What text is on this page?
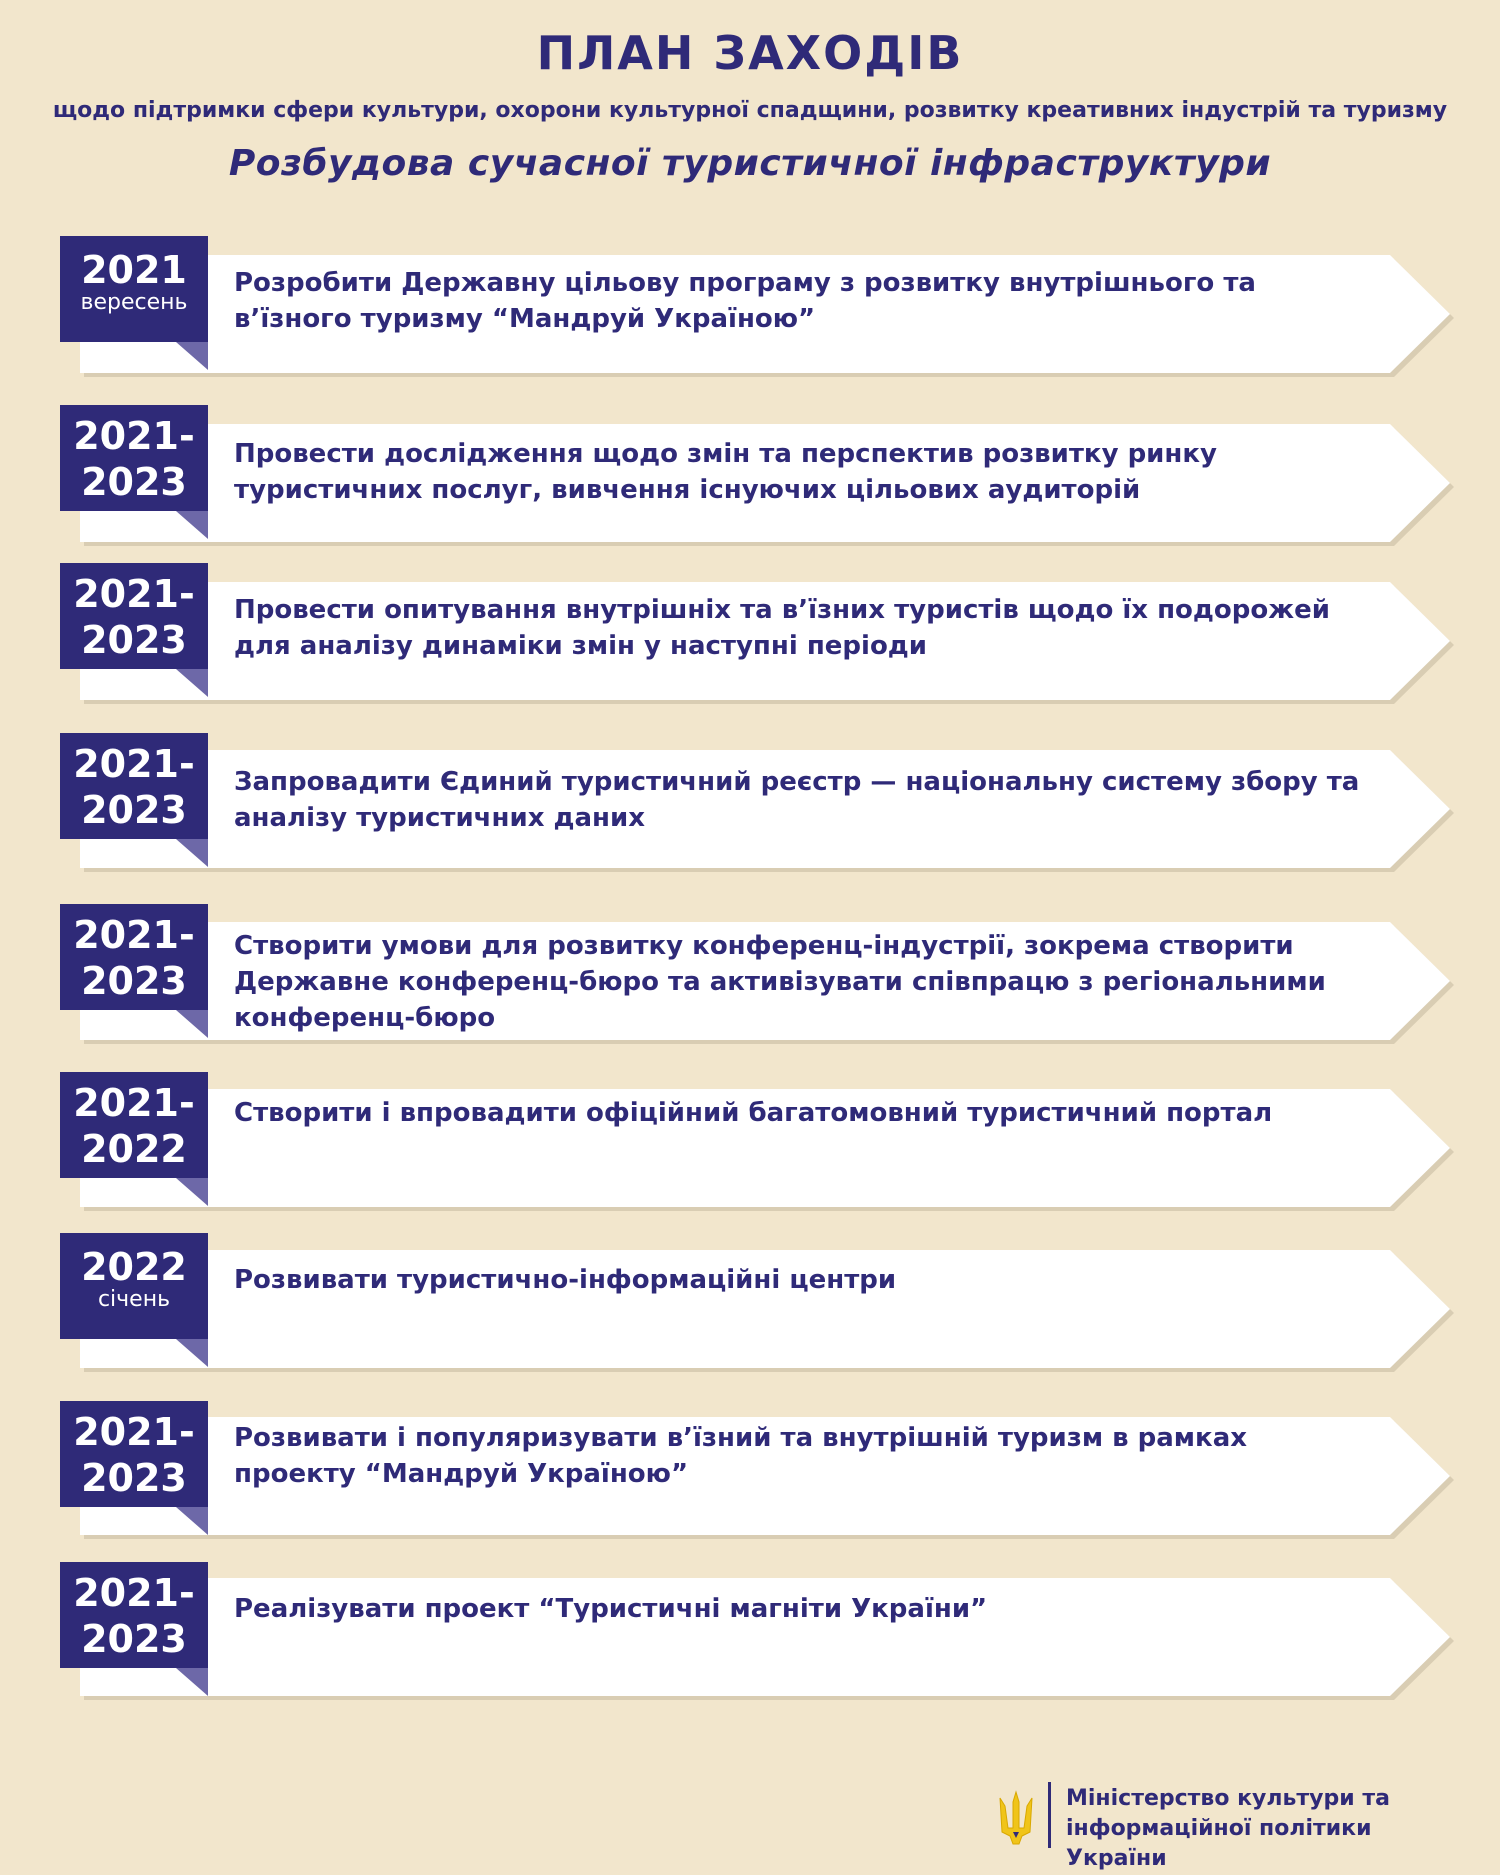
ПЛАН ЗАХОДІВ
щодо підтримки сфери культури, охорони культурної спадщини, розвитку креативних індустрій та туризму
Розбудова сучасної туристичної інфраструктури
Розробити Державну цільову програму з розвитку внутрішнього та в’їзного туризму “Мандруй Україною”
2021
вересень
Провести дослідження щодо змін та перспектив розвитку ринку туристичних послуг, вивчення існуючих цільових аудиторій
2021-
2023
Провести опитування внутрішніх та в’їзних туристів щодо їх подорожей для аналізу динаміки змін у наступні періоди
2021-
2023
Запровадити Єдиний туристичний реєстр — національну систему збору та аналізу туристичних даних
2021-
2023
Створити умови для розвитку конференц-індустрії, зокрема створити Державне конференц-бюро та активізувати співпрацю з регіональними конференц-бюро
2021-
2023
Створити і впровадити офіційний багатомовний туристичний портал
2021-
2022
Розвивати туристично-інформаційні центри
2022
січень
Розвивати і популяризувати в’їзний та внутрішній туризм в рамках проекту “Мандруй Україною”
2021-
2023
Реалізувати проект “Туристичні магніти України”
2021-
2023
Міністерство культури та
інформаційної політики України
